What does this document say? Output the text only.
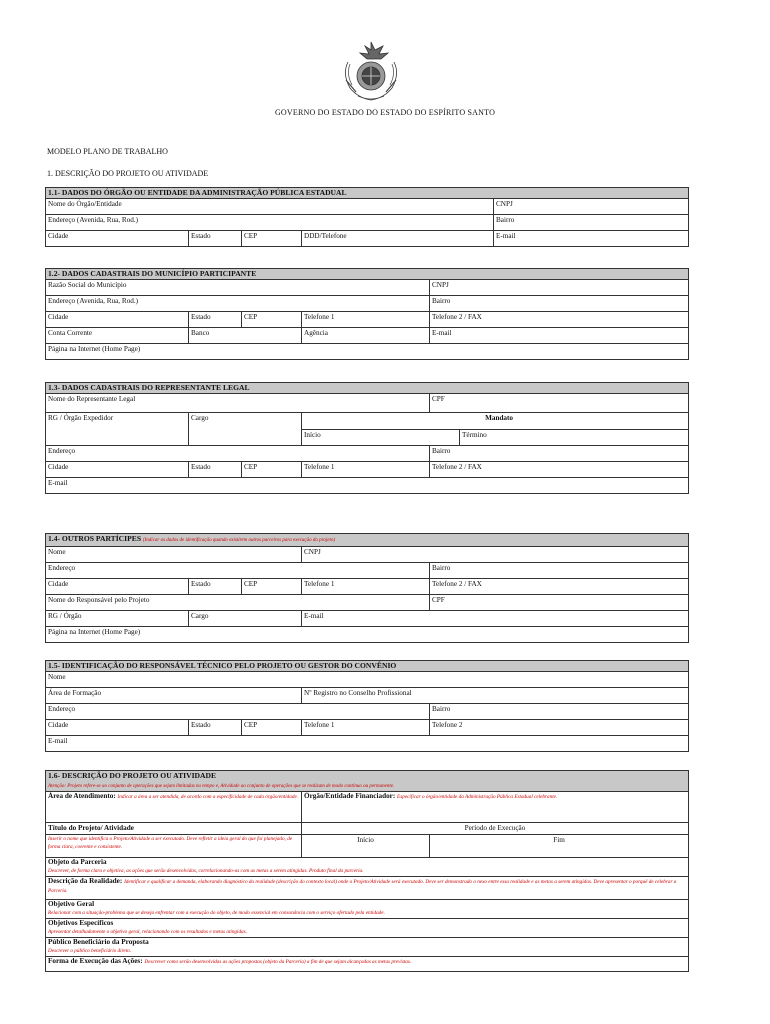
GOVERNO DO ESTADO DO ESTADO DO ESPÍRITO SANTO
MODELO PLANO DE TRABALHO
1. DESCRIÇÃO DO PROJETO OU ATIVIDADE
1.1- DADOS DO ÓRGÃO OU ENTIDADE DA ADMINISTRAÇÃO PÚBLICA ESTADUAL				
Nome do Órgão/Entidade				CNPJ
Endereço (Avenida, Rua, Rod.)				Bairro
Cidade	Estado	CEP	DDD/Telefone	E-mail
1.2- DADOS CADASTRAIS DO MUNICÍPIO PARTICIPANTE				
Razão Social do Município				CNPJ
Endereço (Avenida, Rua, Rod.)				Bairro
Cidade	Estado	CEP	Telefone 1	Telefone 2 / FAX
Conta Corrente	Banco		Agência	E-mail
Página na Internet (Home Page)				
1.3- DADOS CADASTRAIS DO REPRESENTANTE LEGAL					
Nome do Representante Legal				CPF	
RG / Órgão Expedidor	Cargo		Mandato		
			Início		Término
Endereço				Bairro	
Cidade	Estado	CEP	Telefone 1	Telefone 2 / FAX	
E-mail					
1.4- OUTROS PARTÍCIPES (Indicar os dados de identificação quando existirem outros parceiros para execução do projeto)				
Nome			CNPJ	
Endereço				Bairro
Cidade	Estado	CEP	Telefone 1	Telefone 2 / FAX
Nome do Responsável pelo Projeto				CPF
RG / Órgão	Cargo		E-mail	
Página na Internet (Home Page)				
1.5- IDENTIFICAÇÃO DO RESPONSÁVEL TÉCNICO PELO PROJETO OU GESTOR DO CONVÊNIO				
Nome				
Área de Formação			Nº Registro no Conselho Profissional	
Endereço				Bairro
Cidade	Estado	CEP	Telefone 1	Telefone 2
E-mail				
1.6- DESCRIÇÃO DO PROJETO OU ATIVIDADE
Atenção: Projeto refere-se ao conjunto de operações que sejam limitadas no tempo e, Atividade ao conjunto de operações que se realizam de modo contínuo ou permanente.		
Área de Atendimento: Indicar a área a ser atendida, de acordo com a especificidade de cada órgão/entidade.	Órgão/Entidade Financiador: Especificar o órgão/entidade da Administração Pública Estadual celebrante.	
Título do Projeto/ Atividade	Período de Execução	
Inserir o nome que identifica o Projeto/Atividade a ser executado. Deve refletir a ideia geral do que foi planejado, de forma clara, coerente e consistente.	Início	Fim
Objeto da Parceria
Descrever, de forma clara e objetiva, as ações que serão desenvolvidas, correlacionando-as com as metas a serem atingidas. Produto final da parceria.		
Descrição da Realidade: Identificar e qualificar a demanda, elaborando diagnóstico da realidade (descrição do contexto local) onde o Projeto/Atividade será executado. Deve ser demonstrado o nexo entre essa realidade e as metas a serem atingidas. Deve apresentar o porquê de celebrar a Parceria.		
Objetivo Geral
Relacionar com a situação-problema que se deseja enfrentar com a execução do objeto, de modo essencial em consonância com o serviço ofertado pela entidade.		
Objetivos Específicos
Apresentar detalhadamente o objetivo geral, relacionando com os resultados e metas atingidas.		
Público Beneficiário da Proposta
Descrever o público beneficiário direto.		
Forma de Execução das Ações: Descrever como serão desenvolvidas as ações propostas (objeto da Parceria) a fim de que sejam alcançadas as metas previstas.		
